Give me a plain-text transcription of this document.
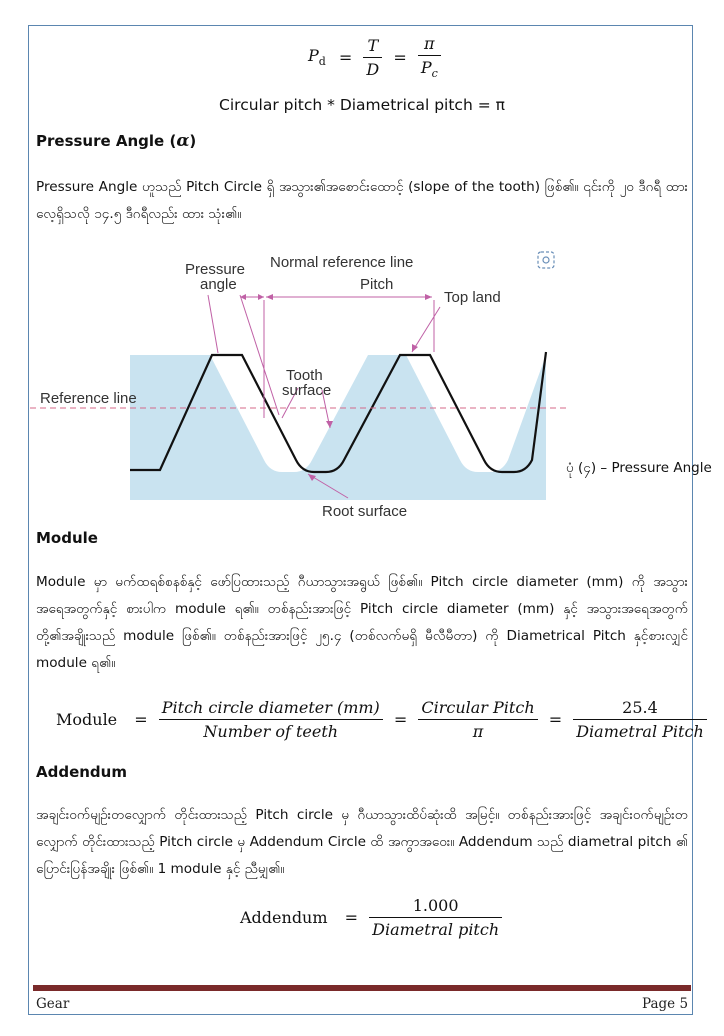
$P_d = \frac{T}{D} = \frac{\pi}{P_c}$
Circular pitch * Diametrical pitch = π
Pressure Angle (α)
Pressure Angle ဟူသည် Pitch Circle ရှိ အသွား၏အစောင်းထောင့် (slope of the tooth) ဖြစ်၏။ ၎င်းကို ၂၀ ဒီဂရီ ထားလေ့ရှိသလို ၁၄.၅ ဒီဂရီလည်း ထား သုံး၏။
Pressure
angle
Normal reference line
Pitch
Top land
Reference line
Tooth
surface
Root surface
ပုံ (၄) – Pressure Angle
Module
Module မှာ မက်ထရစ်စနစ်နှင့် ဖော်ပြထားသည့် ဂီယာသွားအရွယ် ဖြစ်၏။ Pitch circle diameter (mm) ကို အသွား အရေအတွက်နှင့် စားပါက module ရ၏။ တစ်နည်းအားဖြင့် Pitch circle diameter (mm) နှင့် အသွားအရေအတွက် တို့၏အချိုးသည် module ဖြစ်၏။ တစ်နည်းအားဖြင့် ၂၅.၄ (တစ်လက်မရှိ မီလီမီတာ) ကို Diametrical Pitch နှင့်စားလျှင် module ရ၏။
Module = $\frac{\text{Pitch circle diameter (mm)}}{\text{Number of teeth}} = \frac{\text{Circular Pitch}}{\pi} = \frac{25.4}{\text{Diametral Pitch}}$
Addendum
အချင်းဝက်မျဉ်းတလျှောက် တိုင်းထားသည့် Pitch circle မှ ဂီယာသွားထိပ်ဆုံးထိ အမြင့်။ တစ်နည်းအားဖြင့် အချင်းဝက်မျဉ်းတလျှောက် တိုင်းထားသည့် Pitch circle မှ Addendum Circle ထိ အကွာအဝေး။ Addendum သည် diametral pitch ၏ ပြောင်းပြန်အချိုး ဖြစ်၏။ 1 module နှင့် ညီမျှ၏။
Addendum = $\frac{1.000}{\text{Diametral pitch}}$
Gear	Page 5
